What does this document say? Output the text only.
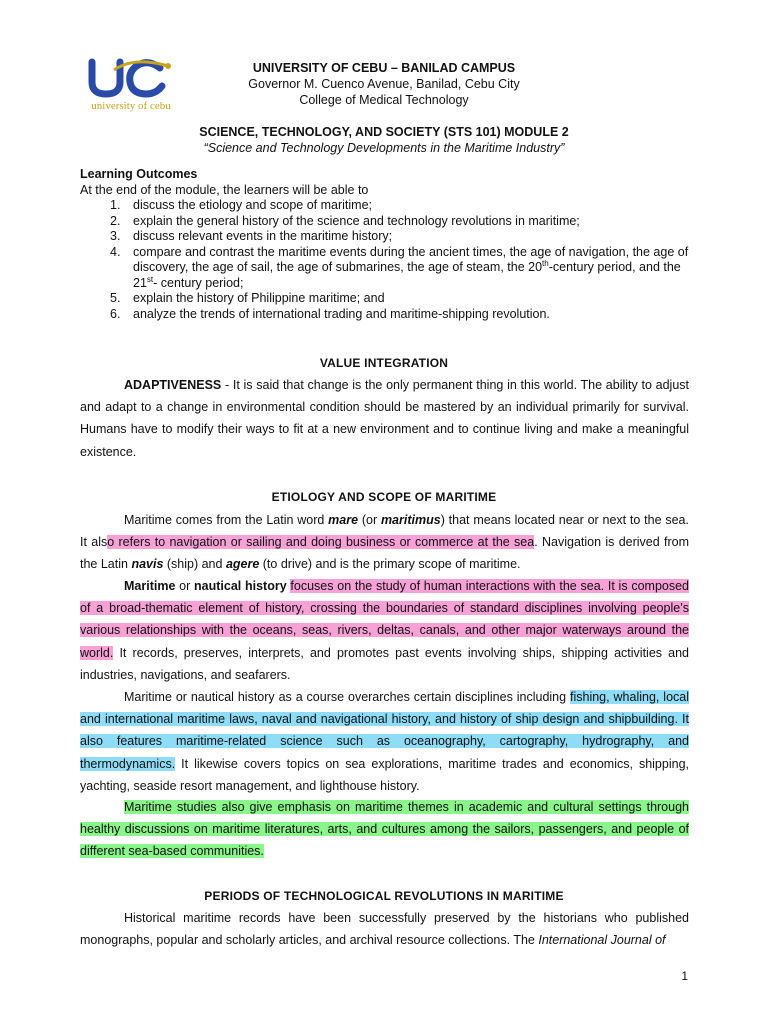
university of cebu
UNIVERSITY OF CEBU – BANILAD CAMPUS
Governor M. Cuenco Avenue, Banilad, Cebu City
College of Medical Technology
SCIENCE, TECHNOLOGY, AND SOCIETY (STS 101) MODULE 2
“Science and Technology Developments in the Maritime Industry”
Learning Outcomes
At the end of the module, the learners will be able to
1. discuss the etiology and scope of maritime;
2. explain the general history of the science and technology revolutions in maritime;
3. discuss relevant events in the maritime history;
4. compare and contrast the maritime events during the ancient times, the age of navigation, the age of discovery, the age of sail, the age of submarines, the age of steam, the 20th-century period, and the 21st- century period;
5. explain the history of Philippine maritime; and
6. analyze the trends of international trading and maritime-shipping revolution.
VALUE INTEGRATION
ADAPTIVENESS - It is said that change is the only permanent thing in this world. The ability to adjust and adapt to a change in environmental condition should be mastered by an individual primarily for survival. Humans have to modify their ways to fit at a new environment and to continue living and make a meaningful existence.
ETIOLOGY AND SCOPE OF MARITIME
Maritime comes from the Latin word mare (or maritimus) that means located near or next to the sea. It also refers to navigation or sailing and doing business or commerce at the sea. Navigation is derived from the Latin navis (ship) and agere (to drive) and is the primary scope of maritime.
Maritime or nautical history focuses on the study of human interactions with the sea. It is composed of a broad-thematic element of history, crossing the boundaries of standard disciplines involving people’s various relationships with the oceans, seas, rivers, deltas, canals, and other major waterways around the world. It records, preserves, interprets, and promotes past events involving ships, shipping activities and industries, navigations, and seafarers.
Maritime or nautical history as a course overarches certain disciplines including fishing, whaling, local and international maritime laws, naval and navigational history, and history of ship design and shipbuilding. It also features maritime-related science such as oceanography, cartography, hydrography, and thermodynamics. It likewise covers topics on sea explorations, maritime trades and economics, shipping, yachting, seaside resort management, and lighthouse history.
Maritime studies also give emphasis on maritime themes in academic and cultural settings through healthy discussions on maritime literatures, arts, and cultures among the sailors, passengers, and people of different sea-based communities.
PERIODS OF TECHNOLOGICAL REVOLUTIONS IN MARITIME
Historical maritime records have been successfully preserved by the historians who published monographs, popular and scholarly articles, and archival resource collections. The International Journal of
1
